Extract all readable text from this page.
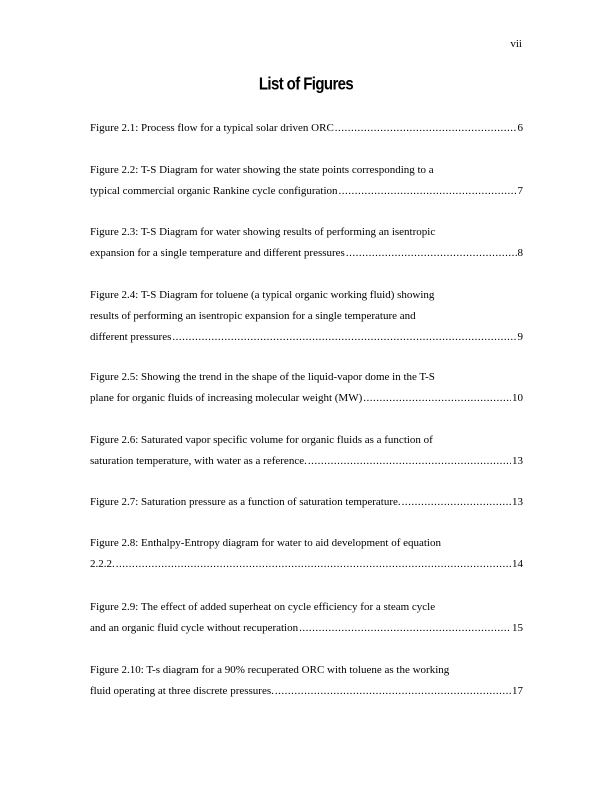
vii
List of Figures
Figure 2.1: Process flow for a typical solar driven ORC .....	6
Figure 2.2: T-S Diagram for water showing the state points corresponding to a
typical commercial organic Rankine cycle configuration .....	7
Figure 2.3: T-S Diagram for water showing results of performing an isentropic
expansion for a single temperature and different pressures .....	8
Figure 2.4: T-S Diagram for toluene (a typical organic working fluid) showing
results of performing an isentropic expansion for a single temperature and
different pressures .....	9
Figure 2.5: Showing the trend in the shape of the liquid-vapor dome in the T-S
plane for organic fluids of increasing molecular weight (MW) .....	10
Figure 2.6: Saturated vapor specific volume for organic fluids as a function of
saturation temperature, with water as a reference. .....	13
Figure 2.7: Saturation pressure as a function of saturation temperature. .....	13
Figure 2.8: Enthalpy-Entropy diagram for water to aid development of equation
2.2.2. .....	14
Figure 2.9: The effect of added superheat on cycle efficiency for a steam cycle
and an organic fluid cycle without recuperation .....	15
Figure 2.10: T-s diagram for a 90% recuperated ORC with toluene as the working
fluid operating at three discrete pressures. .....	17
